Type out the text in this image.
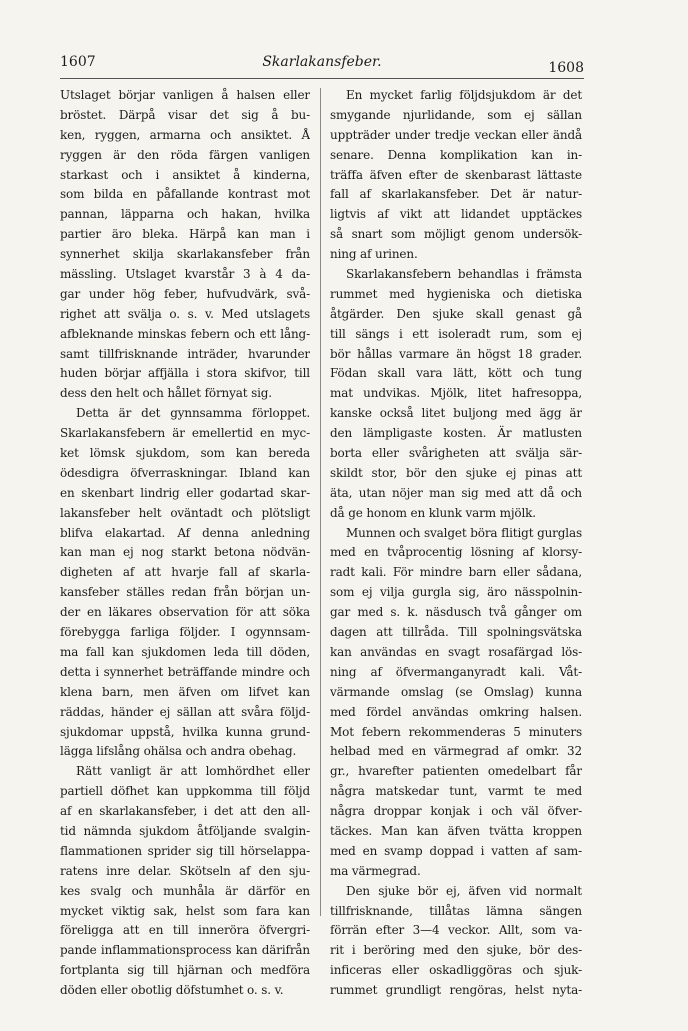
1607	Skarlakansfeber.	1608
Utslaget börjar vanligen å halsen eller
bröstet. Därpå visar det sig å bu-
ken, ryggen, armarna och ansiktet. Å
ryggen är den röda färgen vanligen
starkast och i ansiktet å kinderna,
som bilda en påfallande kontrast mot
pannan, läpparna och hakan, hvilka
partier äro bleka. Härpå kan man i
synnerhet skilja skarlakansfeber från
mässling. Utslaget kvarstår 3 à 4 da-
gar under hög feber, hufvudvärk, svå-
righet att svälja o. s. v. Med utslagets
afbleknande minskas febern och ett lång-
samt tillfrisknande inträder, hvarunder
huden börjar affjälla i stora skifvor, till
dess den helt och hållet förnyat sig.
Detta är det gynnsamma förloppet.
Skarlakansfebern är emellertid en myc-
ket lömsk sjukdom, som kan bereda
ödesdigra öfverraskningar. Ibland kan
en skenbart lindrig eller godartad skar-
lakansfeber helt oväntadt och plötsligt
blifva elakartad. Af denna anledning
kan man ej nog starkt betona nödvän-
digheten af att hvarje fall af skarla-
kansfeber ställes redan från början un-
der en läkares observation för att söka
förebygga farliga följder. I ogynnsam-
ma fall kan sjukdomen leda till döden,
detta i synnerhet beträffande mindre och
klena barn, men äfven om lifvet kan
räddas, händer ej sällan att svåra följd-
sjukdomar uppstå, hvilka kunna grund-
lägga lifslång ohälsa och andra obehag.
Rätt vanligt är att lomhördhet eller
partiell döfhet kan uppkomma till följd
af en skarlakansfeber, i det att den all-
tid nämnda sjukdom åtföljande svalgin-
flammationen sprider sig till hörselappa-
ratens inre delar. Skötseln af den sju-
kes svalg och munhåla är därför en
mycket viktig sak, helst som fara kan
föreligga att en till inneröra öfvergri-
pande inflammationsprocess kan därifrån
fortplanta sig till hjärnan och medföra
döden eller obotlig döfstumhet o. s. v.
En mycket farlig följdsjukdom är det
smygande njurlidande, som ej sällan
uppträder under tredje veckan eller ändå
senare. Denna komplikation kan in-
träffa äfven efter de skenbarast lättaste
fall af skarlakansfeber. Det är natur-
ligtvis af vikt att lidandet upptäckes
så snart som möjligt genom undersök-
ning af urinen.
Skarlakansfebern behandlas i främsta
rummet med hygieniska och dietiska
åtgärder. Den sjuke skall genast gå
till sängs i ett isoleradt rum, som ej
bör hållas varmare än högst 18 grader.
Födan skall vara lätt, kött och tung
mat undvikas. Mjölk, litet hafresoppa,
kanske också litet buljong med ägg är
den lämpligaste kosten. Är matlusten
borta eller svårigheten att svälja sär-
skildt stor, bör den sjuke ej pinas att
äta, utan nöjer man sig med att då och
då ge honom en klunk varm mjölk.
Munnen och svalget böra flitigt gurglas
med en tvåprocentig lösning af klorsy-
radt kali. För mindre barn eller sådana,
som ej vilja gurgla sig, äro nässpolnin-
gar med s. k. näsdusch två gånger om
dagen att tillråda. Till spolningsvätska
kan användas en svagt rosafärgad lös-
ning af öfvermanganyradt kali. Våt-
värmande omslag (se Omslag) kunna
med fördel användas omkring halsen.
Mot febern rekommenderas 5 minuters
helbad med en värmegrad af omkr. 32
gr., hvarefter patienten omedelbart får
några matskedar tunt, varmt te med
några droppar konjak i och väl öfver-
täckes. Man kan äfven tvätta kroppen
med en svamp doppad i vatten af sam-
ma värmegrad.
Den sjuke bör ej, äfven vid normalt
tillfrisknande, tillåtas lämna sängen
förrän efter 3—4 veckor. Allt, som va-
rit i beröring med den sjuke, bör des-
inficeras eller oskadliggöras och sjuk-
rummet grundligt rengöras, helst nyta-
